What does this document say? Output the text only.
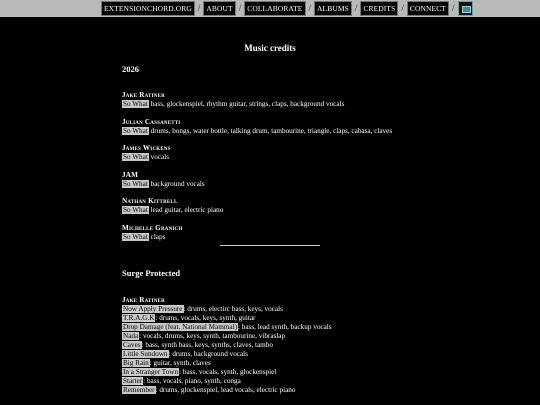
EXTENSIONCHORD.ORG / ABOUT / COLLABORATE / ALBUMS / CREDITS / CONNECT /
Music credits
2026
Jake Ratiner
So What bass, glockenspiel, rhythm guitar, strings, claps, background vocals
Julian Cassanetti
So What drums, bongs, water bottle, talking drum, tambourine, triangle, claps, cabasa, claves
James Wickens
So What vocals
JAM
So What background vocals
Nathan Kittrell
So What lead guitar, electric piano
Michelle Granich
So What claps
Surge Protected
Jake Ratiner
Now Apply Pressure: drums, electirc bass, keys, vocals
T.R.A.G.K: drums, vocals, keys, synth, guitar
Drop Damage (feat. National Mammal): bass, lead synth, backup vocals
Nada: vocals, drums, keys, synth, tambourine, vibraslap
Caves: bass, synth bass, keys, synths, claves, tambo
Little Sundown: drums, background vocals
Big Rain: guitar, synth, claves
In a Stranger Town: bass, vocals, synth, glockenspiel
Starter: bass, vocals, piano, synth, conga
Remember: drums, glockenspiel, lead vocals, electric piano
